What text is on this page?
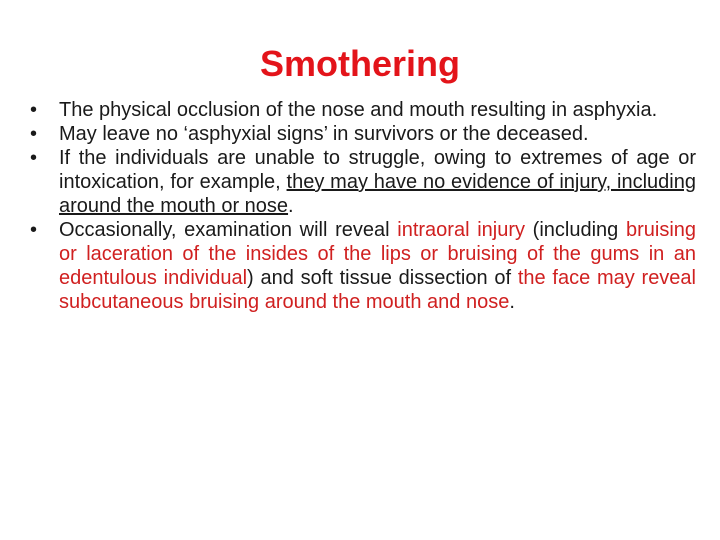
Smothering
•	The physical occlusion of the nose and mouth resulting in asphyxia.
•	May leave no ‘asphyxial signs’ in survivors or the deceased.
•	If the individuals are unable to struggle, owing to extremes of age or intoxication, for example, they may have no evidence of injury, including around the mouth or nose.
•	Occasionally, examination will reveal intraoral injury (including bruising or laceration of the insides of the lips or bruising of the gums in an edentulous individual) and soft tissue dissection of the face may reveal subcutaneous bruising around the mouth and nose.
